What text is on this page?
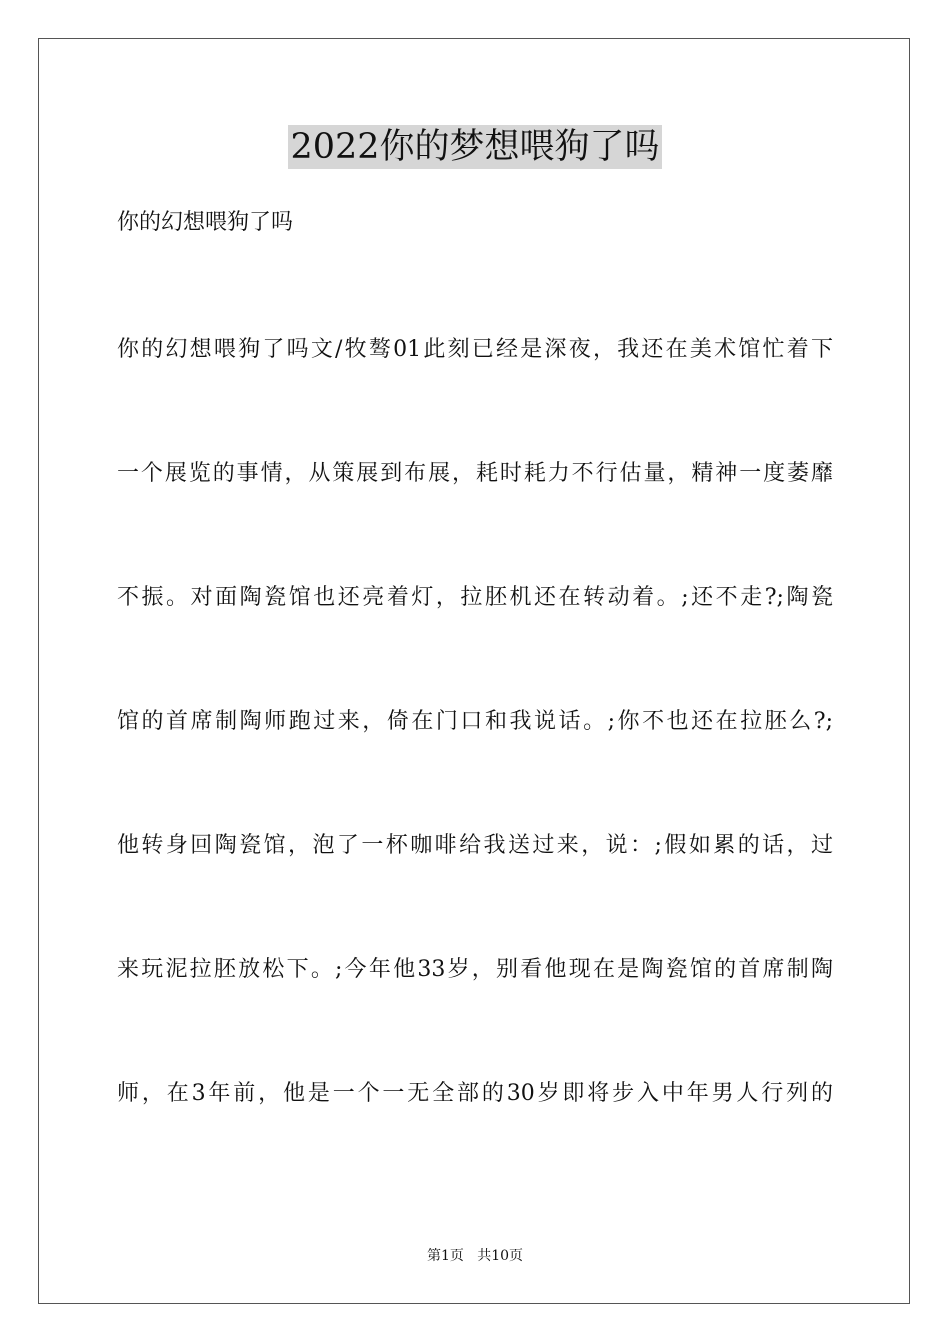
2022你的梦想喂狗了吗
你的幻想喂狗了吗
你的幻想喂狗了吗文/牧骜01此刻已经是深夜，我还在美术馆忙着下
一个展览的事情，从策展到布展，耗时耗力不行估量，精神一度萎靡
不振。对面陶瓷馆也还亮着灯，拉胚机还在转动着。;还不走?;陶瓷
馆的首席制陶师跑过来，倚在门口和我说话。;你不也还在拉胚么?;
他转身回陶瓷馆，泡了一杯咖啡给我送过来，说：;假如累的话，过
来玩泥拉胚放松下。;今年他33岁，别看他现在是陶瓷馆的首席制陶
师，在3年前，他是一个一无全部的30岁即将步入中年男人行列的
第1页   共10页
